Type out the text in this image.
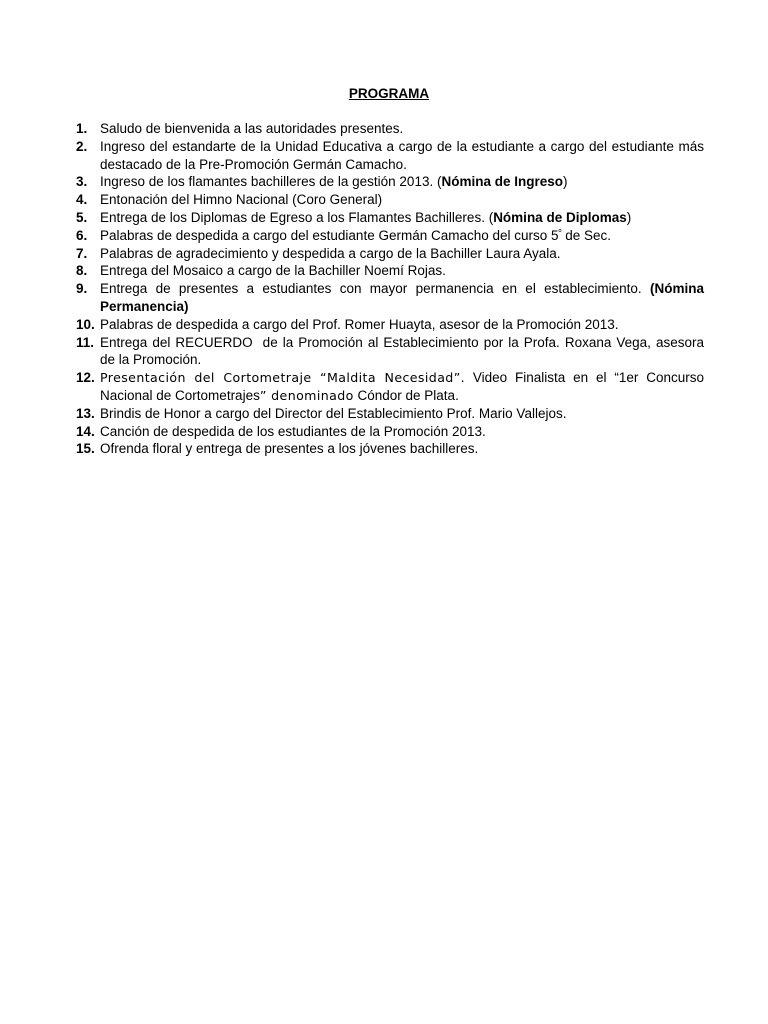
PROGRAMA
1. Saludo de bienvenida a las autoridades presentes.
2. Ingreso del estandarte de la Unidad Educativa a cargo de la estudiante a cargo del estudiante más destacado de la Pre-Promoción Germán Camacho.
3. Ingreso de los flamantes bachilleres de la gestión 2013. (Nómina de Ingreso)
4. Entonación del Himno Nacional (Coro General)
5. Entrega de los Diplomas de Egreso a los Flamantes Bachilleres. (Nómina de Diplomas)
6. Palabras de despedida a cargo del estudiante Germán Camacho del curso $5^º$ de Sec.
7. Palabras de agradecimiento y despedida a cargo de la Bachiller Laura Ayala.
8. Entrega del Mosaico a cargo de la Bachiller Noemí Rojas.
9. Entrega de presentes a estudiantes con mayor permanencia en el establecimiento. (Nómina Permanencia)
10. Palabras de despedida a cargo del Prof. Romer Huayta, asesor de la Promoción 2013.
11. Entrega del RECUERDO  de la Promoción al Establecimiento por la Profa. Roxana Vega, asesora de la Promoción.
12. Presentación del Cortometraje “Maldita Necesidad”. Video Finalista en el “1er Concurso Nacional de Cortometrajes” denominado Cóndor de Plata.
13. Brindis de Honor a cargo del Director del Establecimiento Prof. Mario Vallejos.
14. Canción de despedida de los estudiantes de la Promoción 2013.
15. Ofrenda floral y entrega de presentes a los jóvenes bachilleres.
